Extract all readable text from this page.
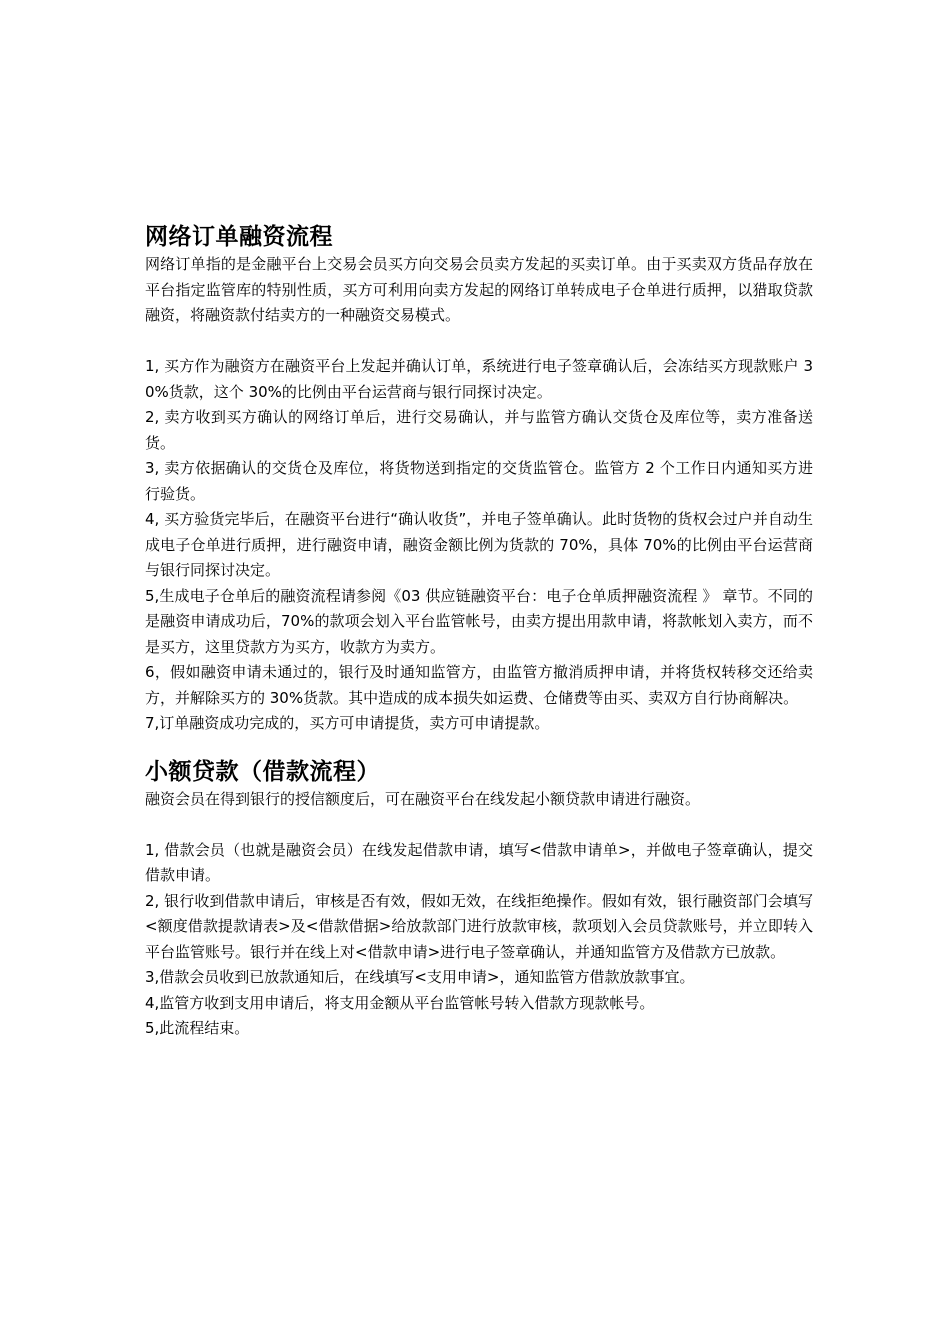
网络订单融资流程

网络订单指的是金融平台上交易会员买方向交易会员卖方发起的买卖订单。由于买卖双方货品存放在平台指定监管库的特别性质，买方可利用向卖方发起的网络订单转成电子仓单进行质押，以猎取贷款融资，将融资款付结卖方的一种融资交易模式。

1, 买方作为融资方在融资平台上发起并确认订单，系统进行电子签章确认后，会冻结买方现款账户 30%货款，这个 30%的比例由平台运营商与银行同探讨决定。

2, 卖方收到买方确认的网络订单后，进行交易确认，并与监管方确认交货仓及库位等，卖方准备送货。

3, 卖方依据确认的交货仓及库位，将货物送到指定的交货监管仓。监管方 2 个工作日内通知买方进行验货。

4, 买方验货完毕后，在融资平台进行“确认收货”，并电子签单确认。此时货物的货权会过户并自动生成电子仓单进行质押，进行融资申请，融资金额比例为货款的 70%，具体 70%的比例由平台运营商与银行同探讨决定。

5,生成电子仓单后的融资流程请参阅《03 供应链融资平台：电子仓单质押融资流程 》 章节。不同的是融资申请成功后，70%的款项会划入平台监管帐号，由卖方提出用款申请，将款帐划入卖方，而不是买方，这里贷款方为买方，收款方为卖方。

6，假如融资申请未通过的，银行及时通知监管方，由监管方撤消质押申请，并将货权转移交还给卖方，并解除买方的 30%货款。其中造成的成本损失如运费、仓储费等由买、卖双方自行协商解决。

7,订单融资成功完成的，买方可申请提货，卖方可申请提款。

小额贷款（借款流程）

融资会员在得到银行的授信额度后，可在融资平台在线发起小额贷款申请进行融资。

1, 借款会员（也就是融资会员）在线发起借款申请，填写<借款申请单>，并做电子签章确认，提交借款申请。

2, 银行收到借款申请后，审核是否有效，假如无效，在线拒绝操作。假如有效，银行融资部门会填写<额度借款提款请表>及<借款借据>给放款部门进行放款审核，款项划入会员贷款账号，并立即转入平台监管账号。银行并在线上对<借款申请>进行电子签章确认，并通知监管方及借款方已放款。

3,借款会员收到已放款通知后，在线填写<支用申请>，通知监管方借款放款事宜。

4,监管方收到支用申请后，将支用金额从平台监管帐号转入借款方现款帐号。

5,此流程结束。
